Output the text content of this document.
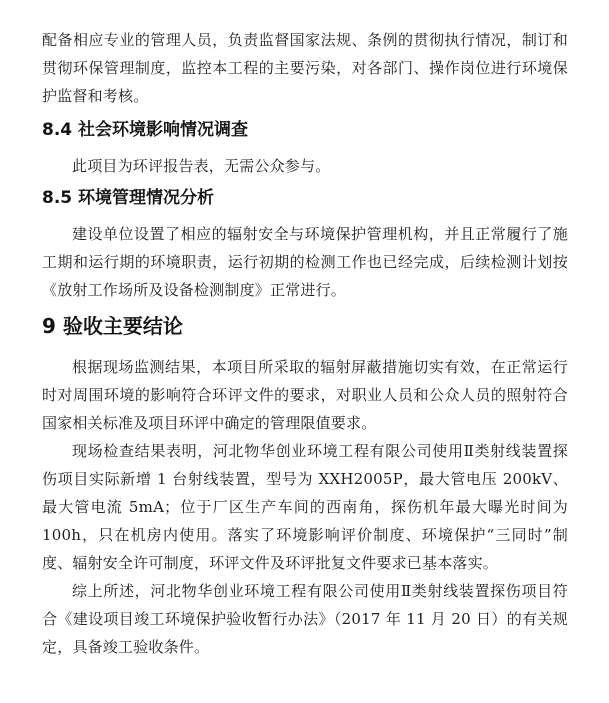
配备相应专业的管理人员，负责监督国家法规、条例的贯彻执行情况，制订和贯彻环保管理制度，监控本工程的主要污染，对各部门、操作岗位进行环境保护监督和考核。

8.4 社会环境影响情况调查

此项目为环评报告表，无需公众参与。

8.5 环境管理情况分析

建设单位设置了相应的辐射安全与环境保护管理机构，并且正常履行了施工期和运行期的环境职责，运行初期的检测工作也已经完成，后续检测计划按《放射工作场所及设备检测制度》正常进行。

9 验收主要结论

根据现场监测结果，本项目所采取的辐射屏蔽措施切实有效，在正常运行时对周围环境的影响符合环评文件的要求，对职业人员和公众人员的照射符合国家相关标准及项目环评中确定的管理限值要求。

现场检查结果表明，河北物华创业环境工程有限公司使用Ⅱ类射线装置探伤项目实际新增 1 台射线装置，型号为 XXH2005P，最大管电压 200kV、最大管电流 5mA；位于厂区生产车间的西南角，探伤机年最大曝光时间为 100h，只在机房内使用。落实了环境影响评价制度、环境保护“三同时”制度、辐射安全许可制度，环评文件及环评批复文件要求已基本落实。

综上所述，河北物华创业环境工程有限公司使用Ⅱ类射线装置探伤项目符合《建设项目竣工环境保护验收暂行办法》（2017 年 11 月 20 日）的有关规定，具备竣工验收条件。
